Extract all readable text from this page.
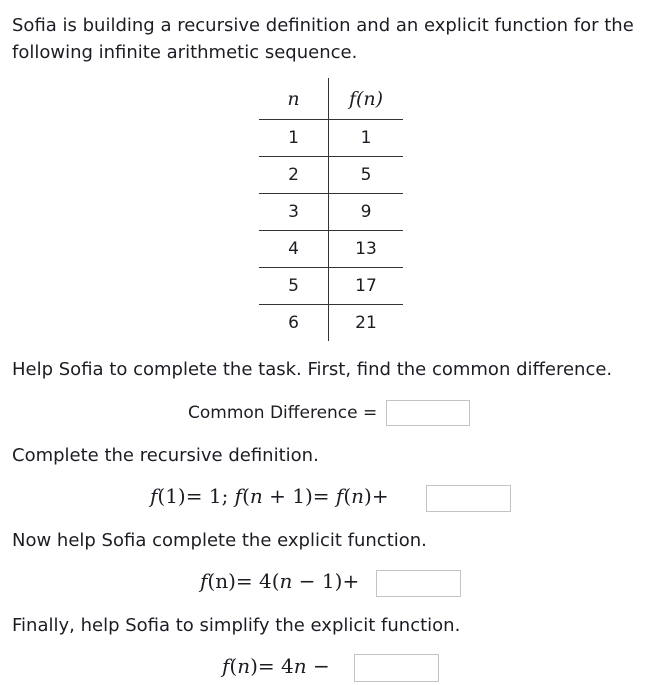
Sofia is building a recursive definition and an explicit function for the following infinite arithmetic sequence.
n	f(n)
1	1
2	5
3	9
4	13
5	17
6	21
Help Sofia to complete the task. First, find the common difference.
Common Difference =
Complete the recursive definition.
f(1)= 1; f(n + 1)= f(n)+
Now help Sofia complete the explicit function.
f(n)= 4(n − 1)+
Finally, help Sofia to simplify the explicit function.
f(n)= 4n −
